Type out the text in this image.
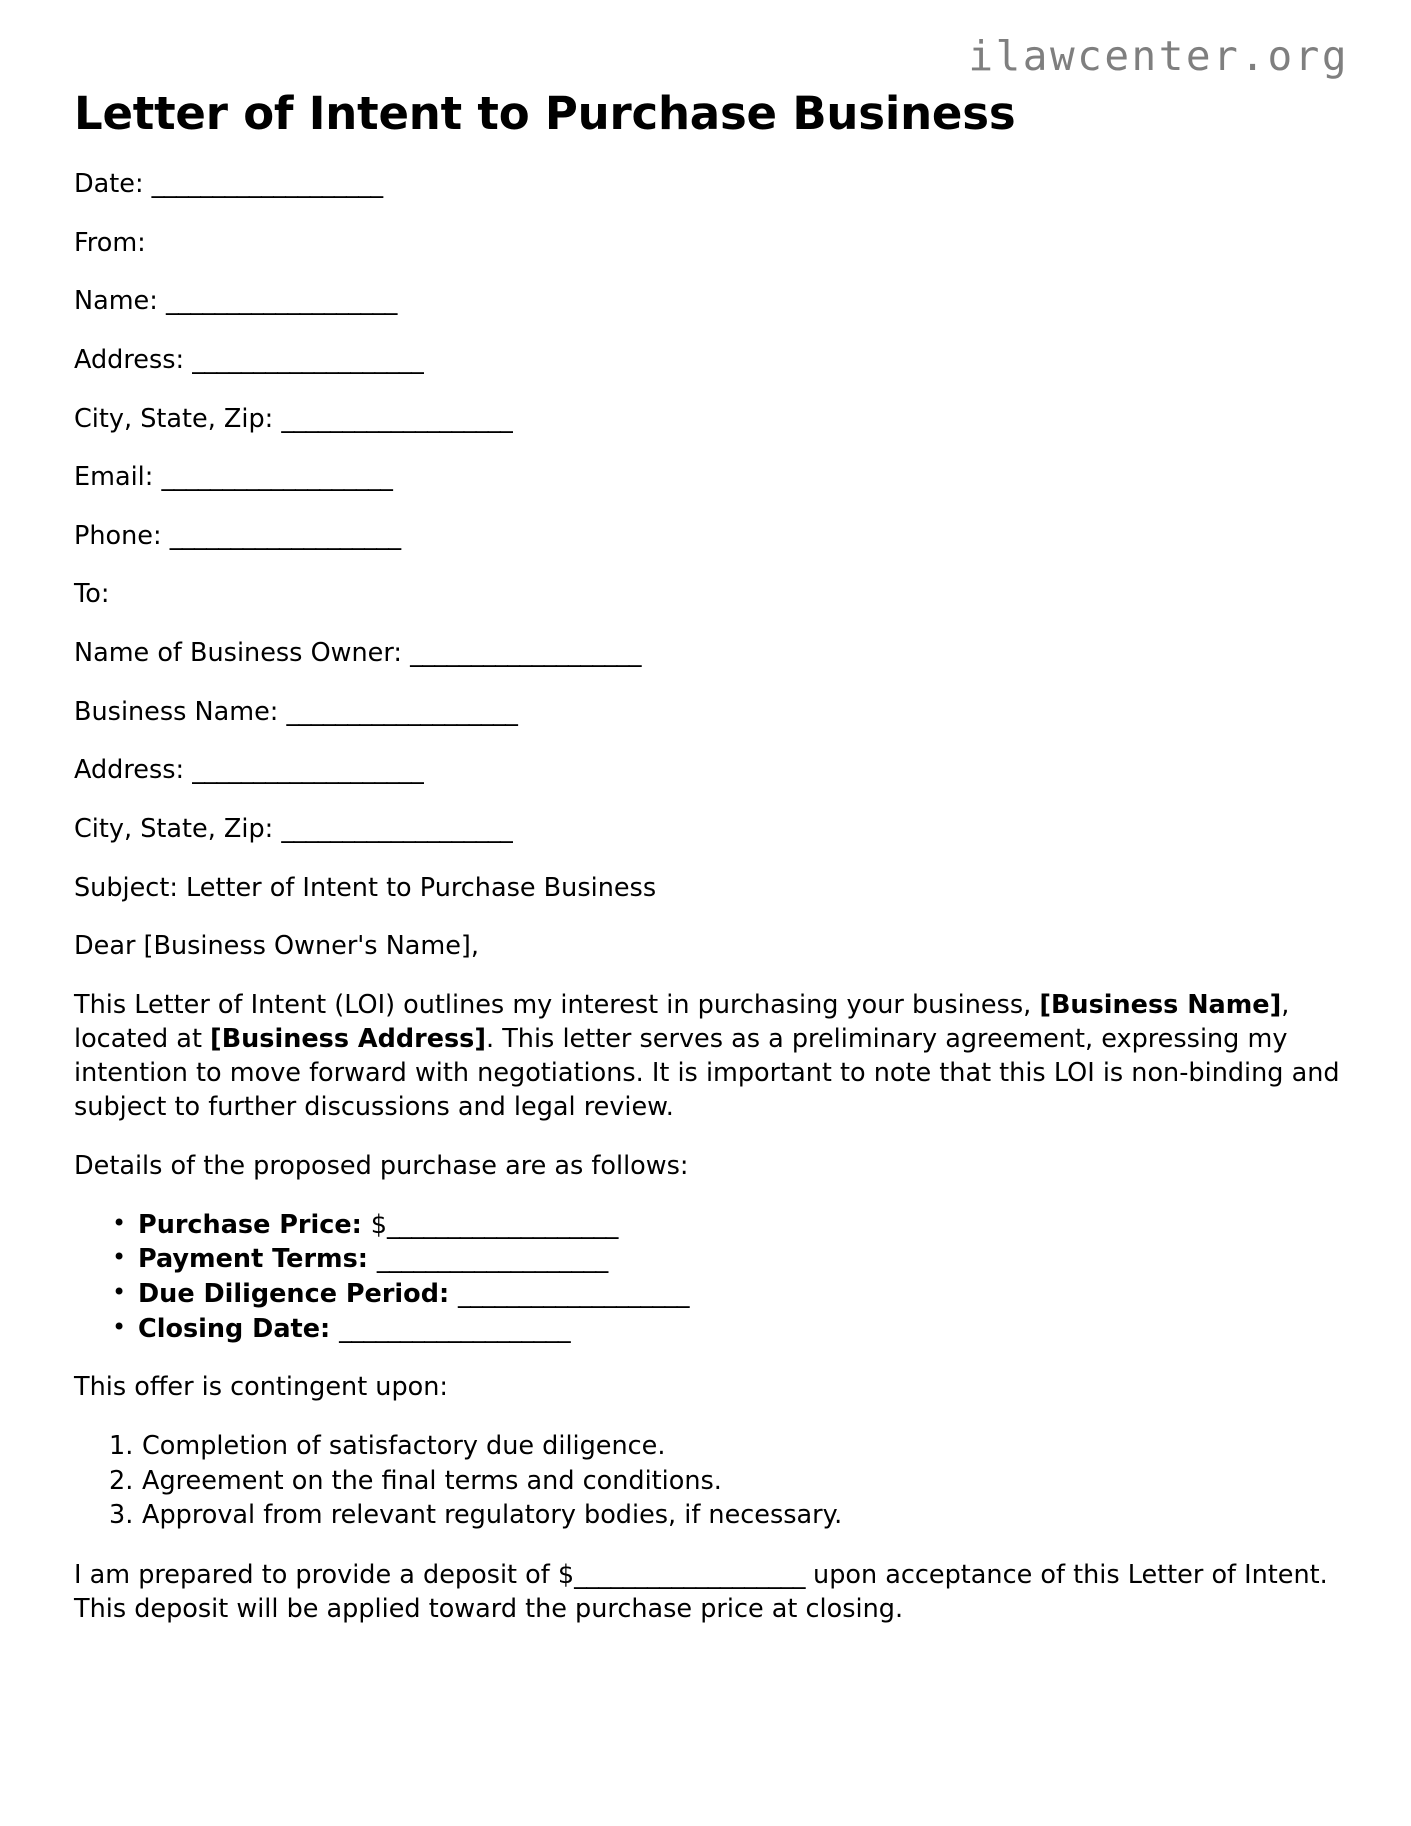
ilawcenter.org
Letter of Intent to Purchase Business
Date: ___________________
From:
Name: ___________________
Address: ___________________
City, State, Zip: ___________________
Email: ___________________
Phone: ___________________
To:
Name of Business Owner: ___________________
Business Name: ___________________
Address: ___________________
City, State, Zip: ___________________
Subject: Letter of Intent to Purchase Business
Dear [Business Owner's Name],

This Letter of Intent (LOI) outlines my interest in purchasing your business, [Business Name], located at [Business Address]. This letter serves as a preliminary agreement, expressing my intention to move forward with negotiations. It is important to note that this LOI is non-binding and subject to further discussions and legal review.

Details of the proposed purchase are as follows:

• Purchase Price: $___________________
• Payment Terms: ___________________
• Due Diligence Period: ___________________
• Closing Date: ___________________

This offer is contingent upon:

Completion of satisfactory due diligence.
Agreement on the final terms and conditions.
Approval from relevant regulatory bodies, if necessary.

I am prepared to provide a deposit of $___________________ upon acceptance of this Letter of Intent. This deposit will be applied toward the purchase price at closing.
